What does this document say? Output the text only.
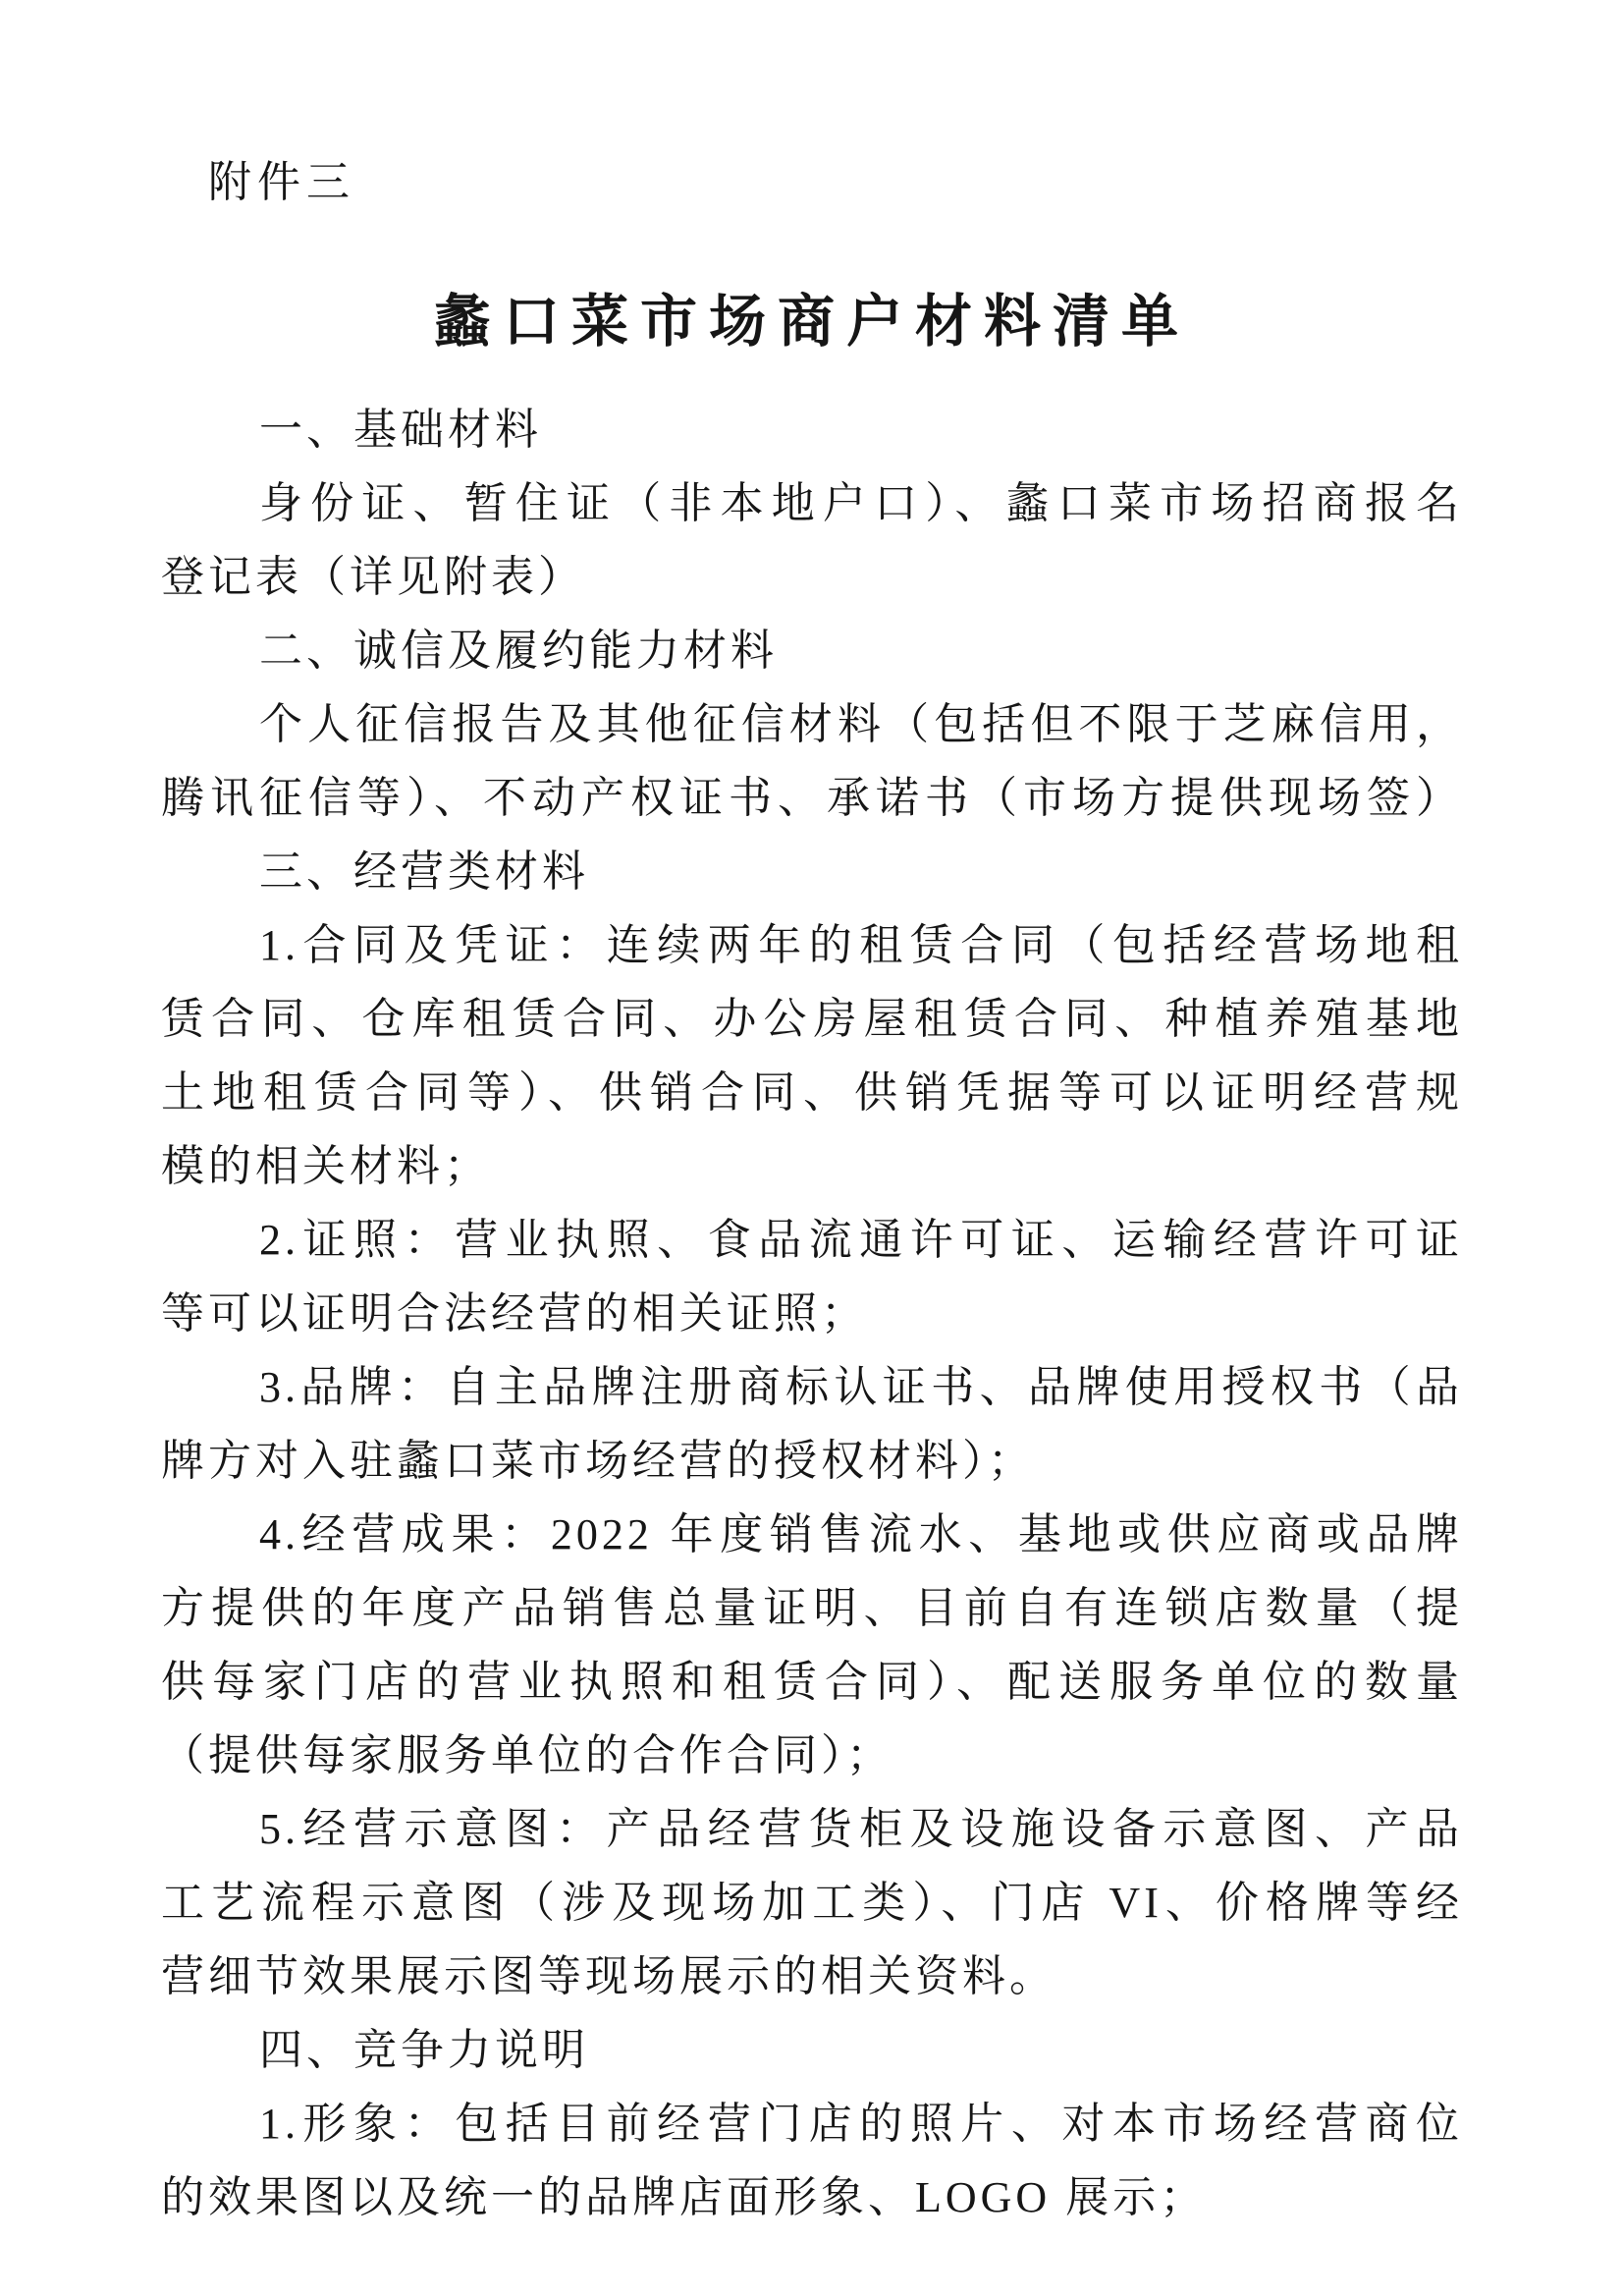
附件三
蠡口菜市场商户材料清单
一、基础材料
身份证、暂住证（非本地户口）、蠡口菜市场招商报名
登记表（详见附表）
二、诚信及履约能力材料
个人征信报告及其他征信材料（包括但不限于芝麻信用，
腾讯征信等）、不动产权证书、承诺书（市场方提供现场签）
三、经营类材料
1.合同及凭证：连续两年的租赁合同（包括经营场地租
赁合同、仓库租赁合同、办公房屋租赁合同、种植养殖基地
土地租赁合同等）、供销合同、供销凭据等可以证明经营规
模的相关材料；
2.证照：营业执照、食品流通许可证、运输经营许可证
等可以证明合法经营的相关证照；
3.品牌：自主品牌注册商标认证书、品牌使用授权书（品
牌方对入驻蠡口菜市场经营的授权材料）；
4.经营成果：2022 年度销售流水、基地或供应商或品牌
方提供的年度产品销售总量证明、目前自有连锁店数量（提
供每家门店的营业执照和租赁合同）、配送服务单位的数量
（提供每家服务单位的合作合同）；
5.经营示意图：产品经营货柜及设施设备示意图、产品
工艺流程示意图（涉及现场加工类）、门店 VI、价格牌等经
营细节效果展示图等现场展示的相关资料。
四、竞争力说明
1.形象：包括目前经营门店的照片、对本市场经营商位
的效果图以及统一的品牌店面形象、LOGO 展示；
